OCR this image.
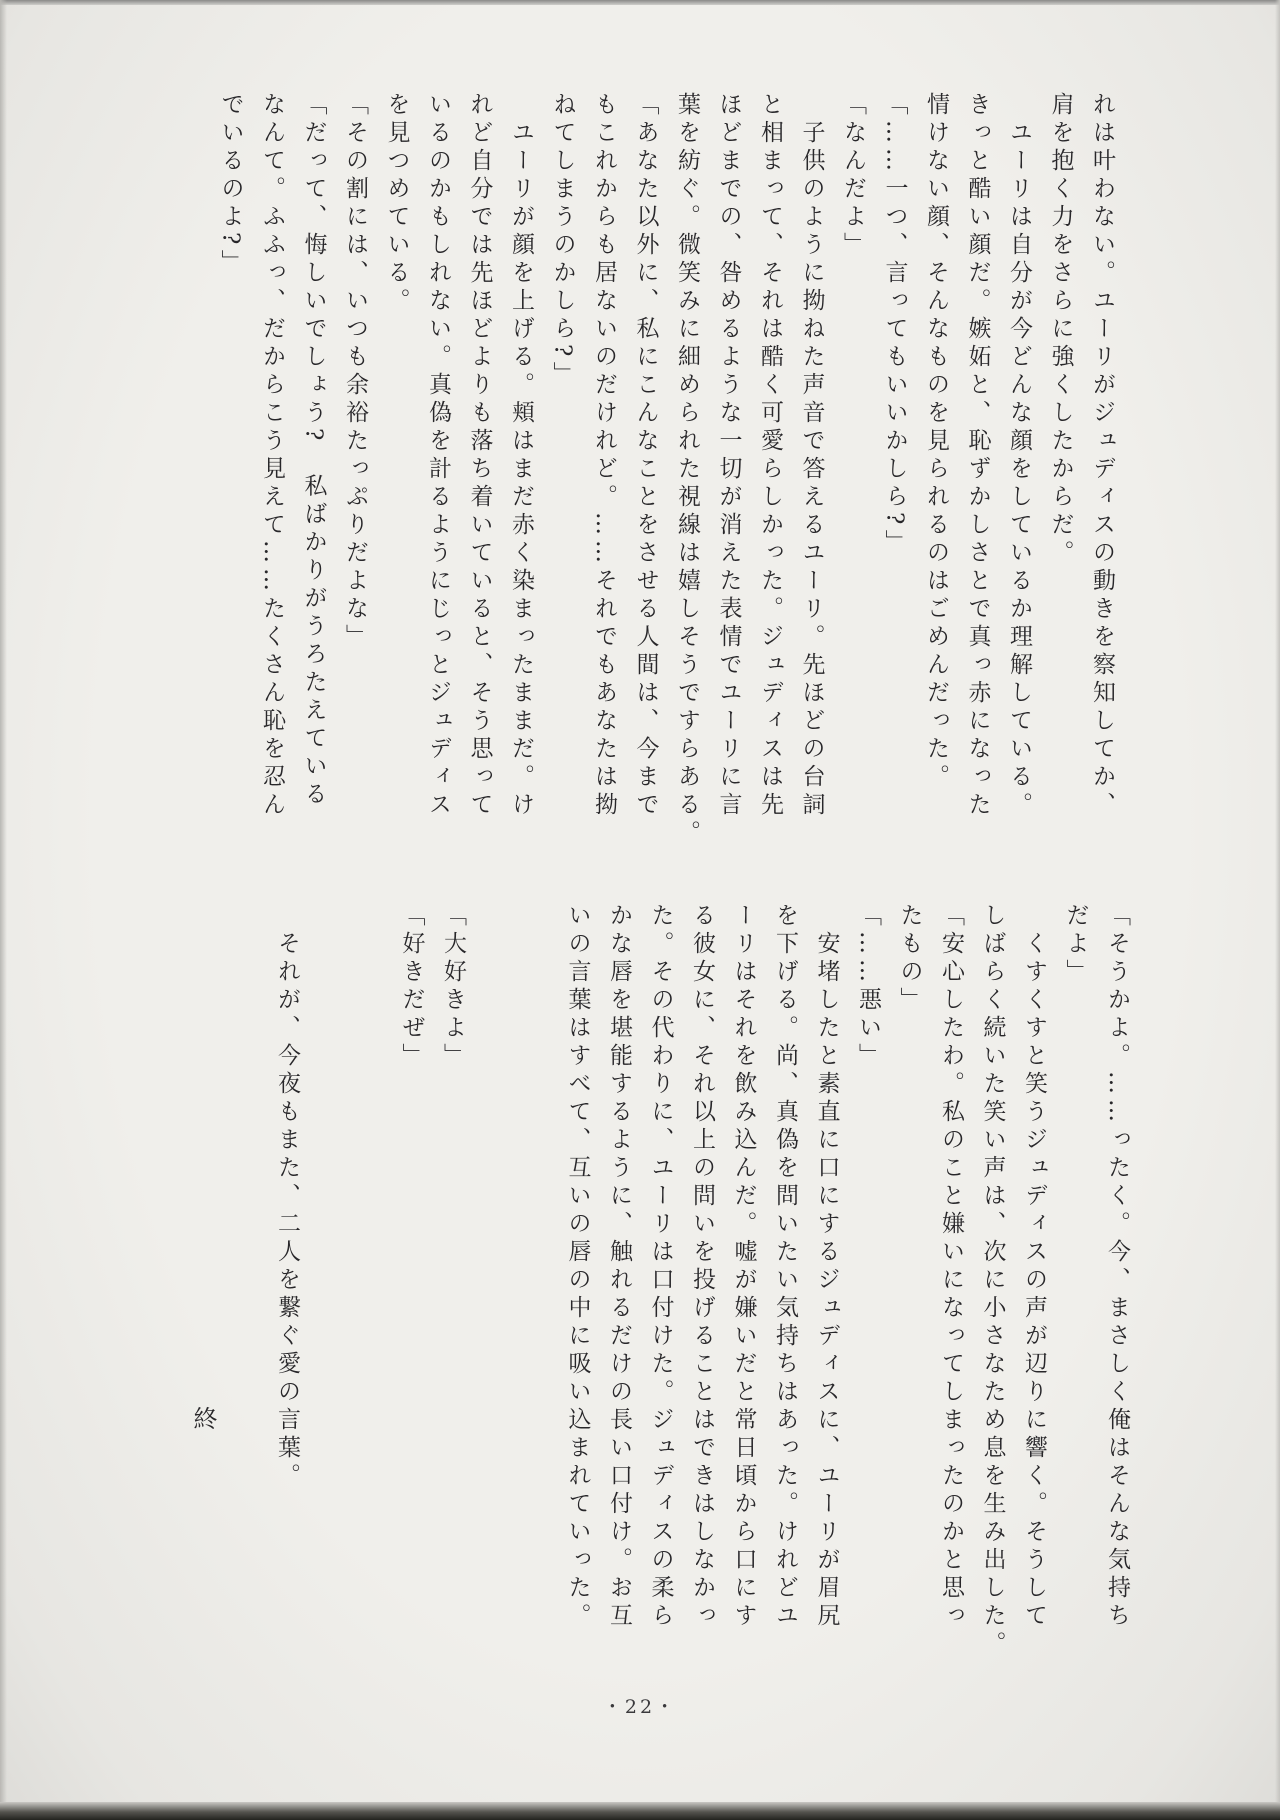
れは叶わない。ユーリがジュディスの動きを察知してか、

肩を抱く力をさらに強くしたからだ。

　ユーリは自分が今どんな顔をしているか理解している。

きっと酷い顔だ。嫉妬と、恥ずかしさとで真っ赤になった

情けない顔、そんなものを見られるのはごめんだった。

「……一つ、言ってもいいかしら?」

「なんだよ」

　子供のように拗ねた声音で答えるユーリ。先ほどの台詞

と相まって、それは酷く可愛らしかった。ジュディスは先

ほどまでの、咎めるような一切が消えた表情でユーリに言

葉を紡ぐ。微笑みに細められた視線は嬉しそうですらある。

「あなた以外に、私にこんなことをさせる人間は、今まで

もこれからも居ないのだけれど。……それでもあなたは拗

ねてしまうのかしら?」

　ユーリが顔を上げる。頬はまだ赤く染まったままだ。け

れど自分では先ほどよりも落ち着いていると、そう思って

いるのかもしれない。真偽を計るようにじっとジュディス

を見つめている。

「その割には、いつも余裕たっぷりだよな」

「だって、悔しいでしょう?　私ばかりがうろたえている

なんて。ふふっ、だからこう見えて……たくさん恥を忍ん

でいるのよ?」

「そうかよ。……ったく。今、まさしく俺はそんな気持ち

だよ」

　くすくすと笑うジュディスの声が辺りに響く。そうして

しばらく続いた笑い声は、次に小さなため息を生み出した。

「安心したわ。私のこと嫌いになってしまったのかと思っ

たもの」

「……悪い」

　安堵したと素直に口にするジュディスに、ユーリが眉尻

を下げる。尚、真偽を問いたい気持ちはあった。けれどユ

ーリはそれを飲み込んだ。嘘が嫌いだと常日頃から口にす

る彼女に、それ以上の問いを投げることはできはしなかっ

た。その代わりに、ユーリは口付けた。ジュディスの柔ら

かな唇を堪能するように、触れるだけの長い口付け。お互

いの言葉はすべて、互いの唇の中に吸い込まれていった。

「大好きよ」

「好きだぜ」

　それが、今夜もまた、二人を繋ぐ愛の言葉。

終
・22・
